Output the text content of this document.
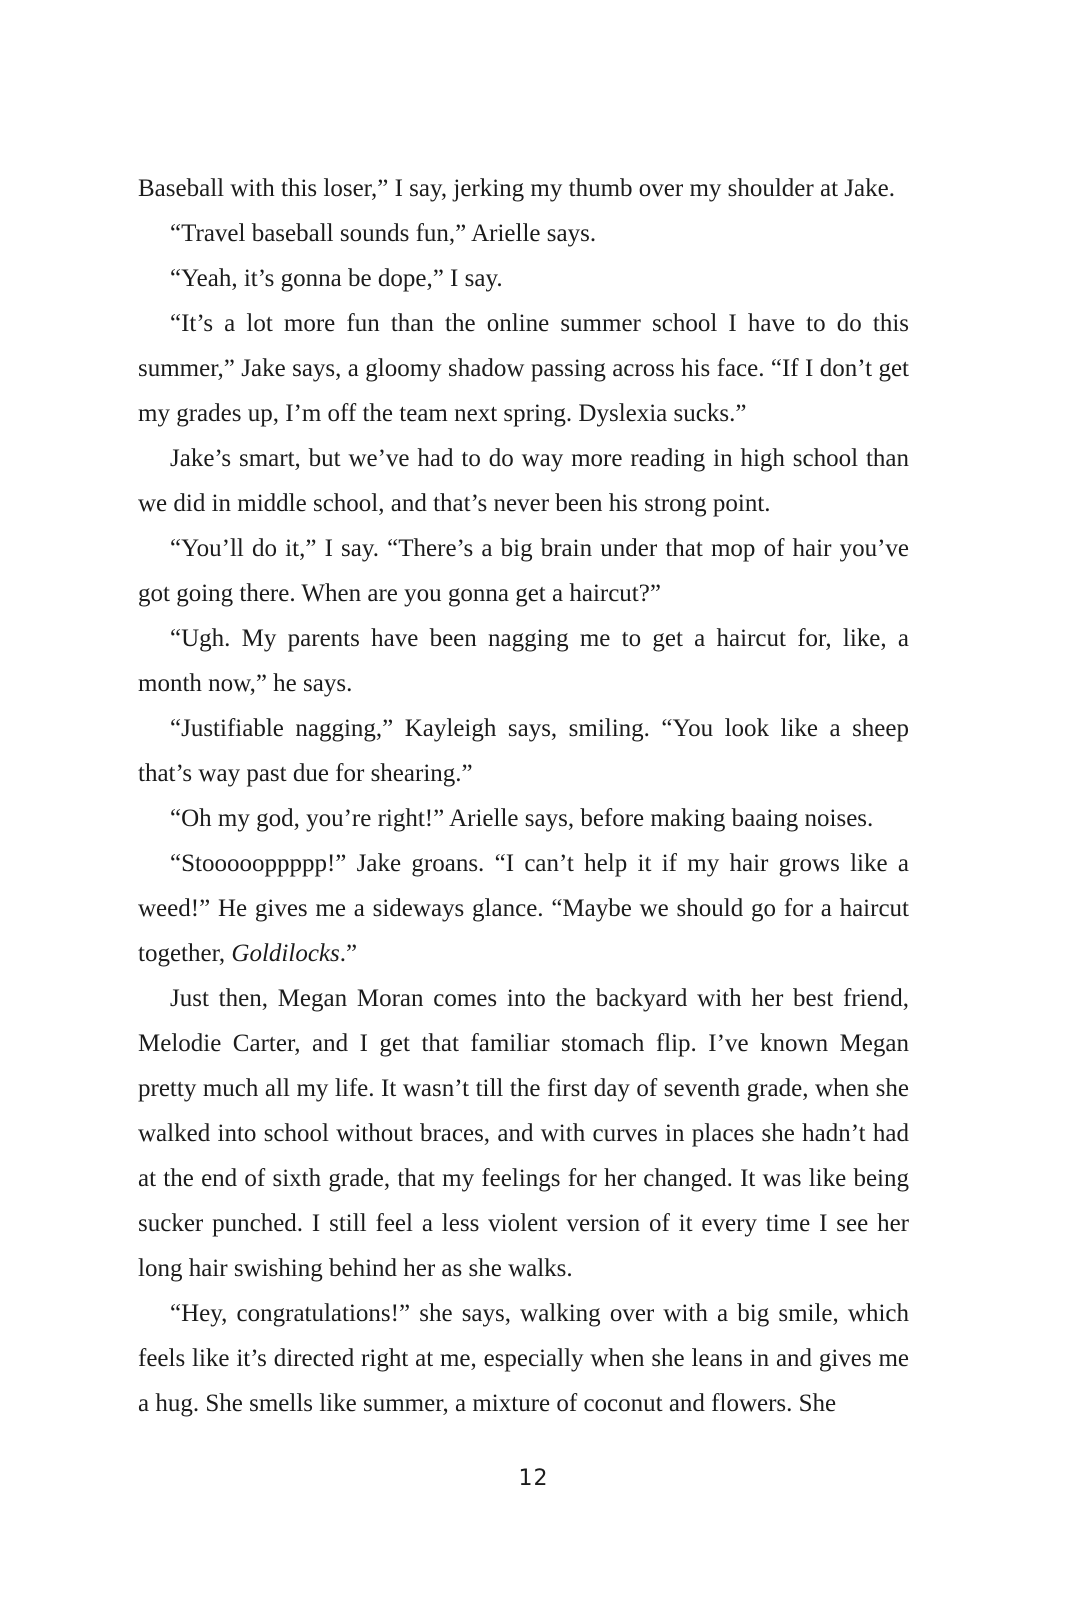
Baseball with this loser,” I say, jerking my thumb over my shoulder at Jake.

“Travel baseball sounds fun,” Arielle says.

“Yeah, it’s gonna be dope,” I say.

“It’s a lot more fun than the online summer school I have to do this summer,” Jake says, a gloomy shadow passing across his face. “If I don’t get my grades up, I’m off the team next spring. Dyslexia sucks.”

Jake’s smart, but we’ve had to do way more reading in high school than we did in middle school, and that’s never been his strong point.

“You’ll do it,” I say. “There’s a big brain under that mop of hair you’ve got going there. When are you gonna get a haircut?”

“Ugh. My parents have been nagging me to get a haircut for, like, a month now,” he says.

“Justifiable nagging,” Kayleigh says, smiling. “You look like a sheep that’s way past due for shearing.”

“Oh my god, you’re right!” Arielle says, before making baaing noises.

“Stoooooppppp!” Jake groans. “I can’t help it if my hair grows like a weed!” He gives me a sideways glance. “Maybe we should go for a haircut together, Goldilocks.”

Just then, Megan Moran comes into the backyard with her best friend, Melodie Carter, and I get that familiar stomach flip. I’ve known Megan pretty much all my life. It wasn’t till the first day of seventh grade, when she walked into school without braces, and with curves in places she hadn’t had at the end of sixth grade, that my feelings for her changed. It was like being sucker punched. I still feel a less violent version of it every time I see her long hair swishing behind her as she walks.

“Hey, congratulations!” she says, walking over with a big smile, which feels like it’s directed right at me, especially when she leans in and gives me a hug. She smells like summer, a mixture of coconut and flowers. She

12
